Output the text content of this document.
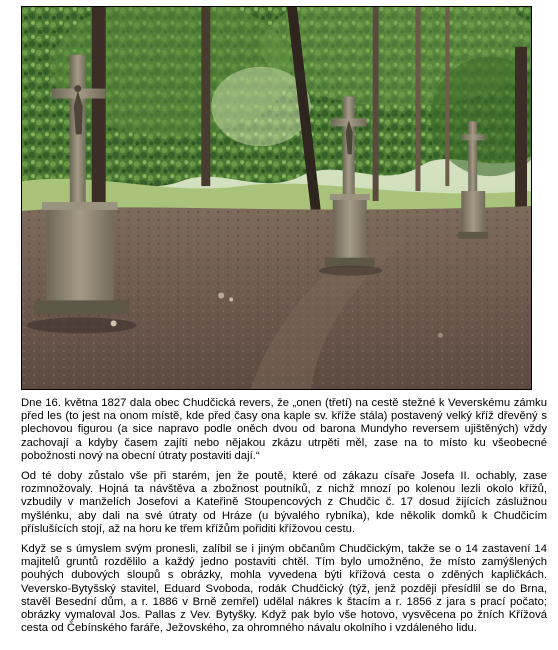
Dne 16. května 1827 dala obec Chudčická revers, že „onen (třetí) na cestě stežné k Veverskému zámku před les (to jest na onom místě, kde před časy ona kaple sv. kříže stála) postavený velký kříž dřevěný s plechovou figurou (a sice napravo podle oněch dvou od barona Mundyho reversem ujištěných) vždy zachovají a kdyby časem zajíti nebo nějakou zkázu utrpěti měl, zase na to místo ku všeobecné pobožnosti nový na obecní útraty postaviti dají.“

Od té doby zůstalo vše při starém, jen že poutě, které od zákazu císaře Josefa II. ochably, zase rozmnožovaly. Hojná ta návštěva a zbožnost poutníků, z nichž mnozí po kolenou lezli okolo křížů, vzbudily v manželích Josefovi a Kateřině Stoupencových z Chudčic č. 17 dosud žijících záslužnou myšlénku, aby dali na své útraty od Hráze (u bývalého rybníka), kde několik domků k Chudčicím příslušících stojí, až na horu ke třem křížům pořiditi křížovou cestu.

Když se s úmyslem svým pronesli, zalíbil se i jiným občanům Chudčickým, takže se o 14 zastavení 14 majitelů gruntů rozdělilo a každý jedno postaviti chtěl. Tím bylo umožněno, že místo zamýšlených pouhých dubových sloupů s obrázky, mohla vyvedena býti křížová cesta o zděných kapličkách. Veversko-Bytyšský stavitel, Eduard Svoboda, rodák Chudčický (týž, jenž později přesídlil se do Brna, stavěl Besední dům, a r. 1886 v Brně zemřel) udělal nákres k štacím a r. 1856 z jara s prací počato; obrázky vymaloval Jos. Pallas z Vev. Bytyšky. Když pak bylo vše hotovo, vysvěcena po žních Křížová cesta od Čebínského faráře, Ježovského, za ohromného návalu okolního i vzdáleného lidu.
